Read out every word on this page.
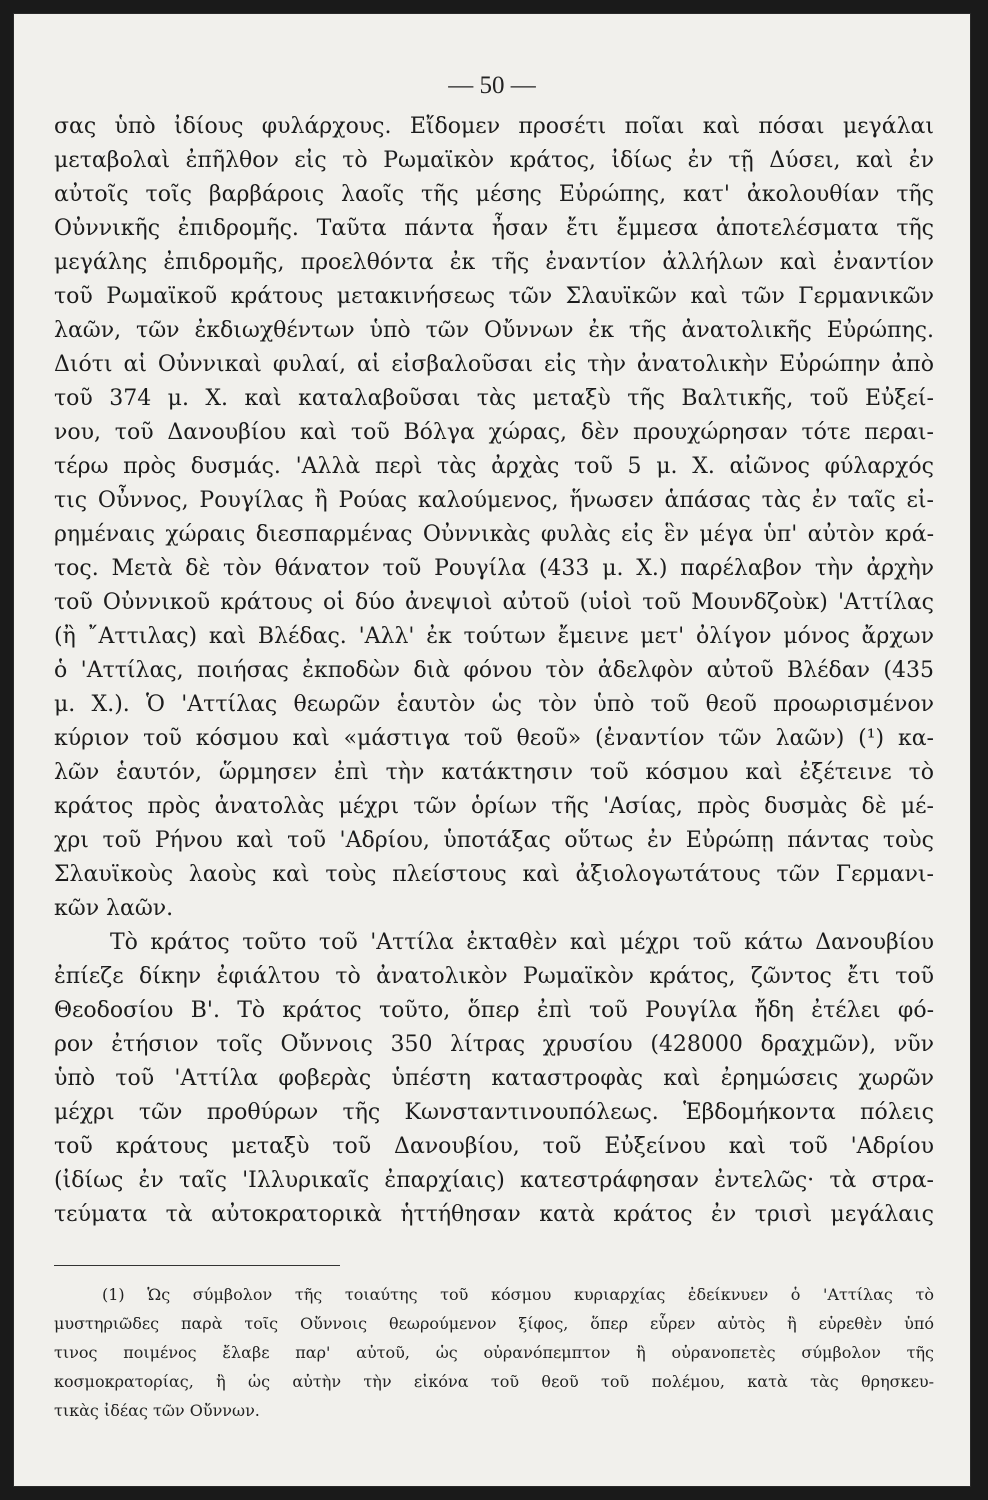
— 50 —
σας ὑπὸ ἰδίους φυλάρχους. Εἴδομεν προσέτι ποῖαι καὶ πόσαι μεγάλαι
μεταβολαὶ ἐπῆλθον εἰς τὸ Ρωμαϊκὸν κράτος, ἰδίως ἐν τῇ Δύσει, καὶ ἐν
αὐτοῖς τοῖς βαρβάροις λαοῖς τῆς μέσης Εὐρώπης, κατ' ἀκολουθίαν τῆς
Οὐννικῆς ἐπιδρομῆς. Ταῦτα πάντα ἦσαν ἔτι ἔμμεσα ἀποτελέσματα τῆς
μεγάλης ἐπιδρομῆς, προελθόντα ἐκ τῆς ἐναντίον ἀλλήλων καὶ ἐναντίον
τοῦ Ρωμαϊκοῦ κράτους μετακινήσεως τῶν Σλαυϊκῶν καὶ τῶν Γερμανικῶν
λαῶν, τῶν ἐκδιωχθέντων ὑπὸ τῶν Οὔννων ἐκ τῆς ἀνατολικῆς Εὐρώπης.
Διότι αἱ Οὐννικαὶ φυλαί, αἱ εἰσβαλοῦσαι εἰς τὴν ἀνατολικὴν Εὐρώπην ἀπὸ
τοῦ 374 μ. Χ. καὶ καταλαβοῦσαι τὰς μεταξὺ τῆς Βαλτικῆς, τοῦ Εὐξεί-
νου, τοῦ Δανουβίου καὶ τοῦ Βόλγα χώρας, δὲν προυχώρησαν τότε περαι-
τέρω πρὸς δυσμάς. 'Αλλὰ περὶ τὰς ἀρχὰς τοῦ 5 μ. Χ. αἰῶνος φύλαρχός
τις Οὖννος, Ρουγίλας ἢ Ρούας καλούμενος, ἥνωσεν ἁπάσας τὰς ἐν ταῖς εἰ-
ρημέναις χώραις διεσπαρμένας Οὐννικὰς φυλὰς εἰς ἓν μέγα ὑπ' αὐτὸν κρά-
τος. Μετὰ δὲ τὸν θάνατον τοῦ Ρουγίλα (433 μ. Χ.) παρέλαβον τὴν ἀρχὴν
τοῦ Οὐννικοῦ κράτους οἱ δύο ἀνεψιοὶ αὐτοῦ (υἱοὶ τοῦ Μουνδζοὺκ) 'Αττίλας
(ἢ ῎Αττιλας) καὶ Βλέδας. 'Αλλ' ἐκ τούτων ἔμεινε μετ' ὀλίγον μόνος ἄρχων
ὁ 'Αττίλας, ποιήσας ἐκποδὼν διὰ φόνου τὸν ἀδελφὸν αὐτοῦ Βλέδαν (435
μ. Χ.). Ὁ 'Αττίλας θεωρῶν ἑαυτὸν ὡς τὸν ὑπὸ τοῦ θεοῦ προωρισμένον
κύριον τοῦ κόσμου καὶ «μάστιγα τοῦ θεοῦ» (ἐναντίον τῶν λαῶν) (¹) κα-
λῶν ἑαυτόν, ὥρμησεν ἐπὶ τὴν κατάκτησιν τοῦ κόσμου καὶ ἐξέτεινε τὸ
κράτος πρὸς ἀνατολὰς μέχρι τῶν ὁρίων τῆς 'Ασίας, πρὸς δυσμὰς δὲ μέ-
χρι τοῦ Ρήνου καὶ τοῦ 'Αδρίου, ὑποτάξας οὕτως ἐν Εὐρώπῃ πάντας τοὺς
Σλαυϊκοὺς λαοὺς καὶ τοὺς πλείστους καὶ ἀξιολογωτάτους τῶν Γερμανι-
κῶν λαῶν.
Τὸ κράτος τοῦτο τοῦ 'Αττίλα ἐκταθὲν καὶ μέχρι τοῦ κάτω Δανουβίου
ἐπίεζε δίκην ἐφιάλτου τὸ ἀνατολικὸν Ρωμαϊκὸν κράτος, ζῶντος ἔτι τοῦ
Θεοδοσίου Β'. Τὸ κράτος τοῦτο, ὅπερ ἐπὶ τοῦ Ρουγίλα ἤδη ἐτέλει φό-
ρον ἐτήσιον τοῖς Οὔννοις 350 λίτρας χρυσίου (428000 δραχμῶν), νῦν
ὑπὸ τοῦ 'Αττίλα φοβερὰς ὑπέστη καταστροφὰς καὶ ἐρημώσεις χωρῶν
μέχρι τῶν προθύρων τῆς Κωνσταντινουπόλεως. Ἑβδομήκοντα πόλεις
τοῦ κράτους μεταξὺ τοῦ Δανουβίου, τοῦ Εὐξείνου καὶ τοῦ 'Αδρίου
(ἰδίως ἐν ταῖς 'Ιλλυρικαῖς ἐπαρχίαις) κατεστράφησαν ἐντελῶς· τὰ στρα-
τεύματα τὰ αὐτοκρατορικὰ ἡττήθησαν κατὰ κράτος ἐν τρισὶ μεγάλαις
(1) Ὡς σύμβολον τῆς τοιαύτης τοῦ κόσμου κυριαρχίας ἐδείκνυεν ὁ 'Αττίλας τὸ
μυστηριῶδες παρὰ τοῖς Οὔννοις θεωρούμενον ξίφος, ὅπερ εὗρεν αὐτὸς ἢ εὑρεθὲν ὑπό
τινος ποιμένος ἔλαβε παρ' αὐτοῦ, ὡς οὐρανόπεμπτον ἢ οὐρανοπετὲς σύμβολον τῆς
κοσμοκρατορίας, ἢ ὡς αὐτὴν τὴν εἰκόνα τοῦ θεοῦ τοῦ πολέμου, κατὰ τὰς θρησκευ-
τικὰς ἰδέας τῶν Οὔννων.
